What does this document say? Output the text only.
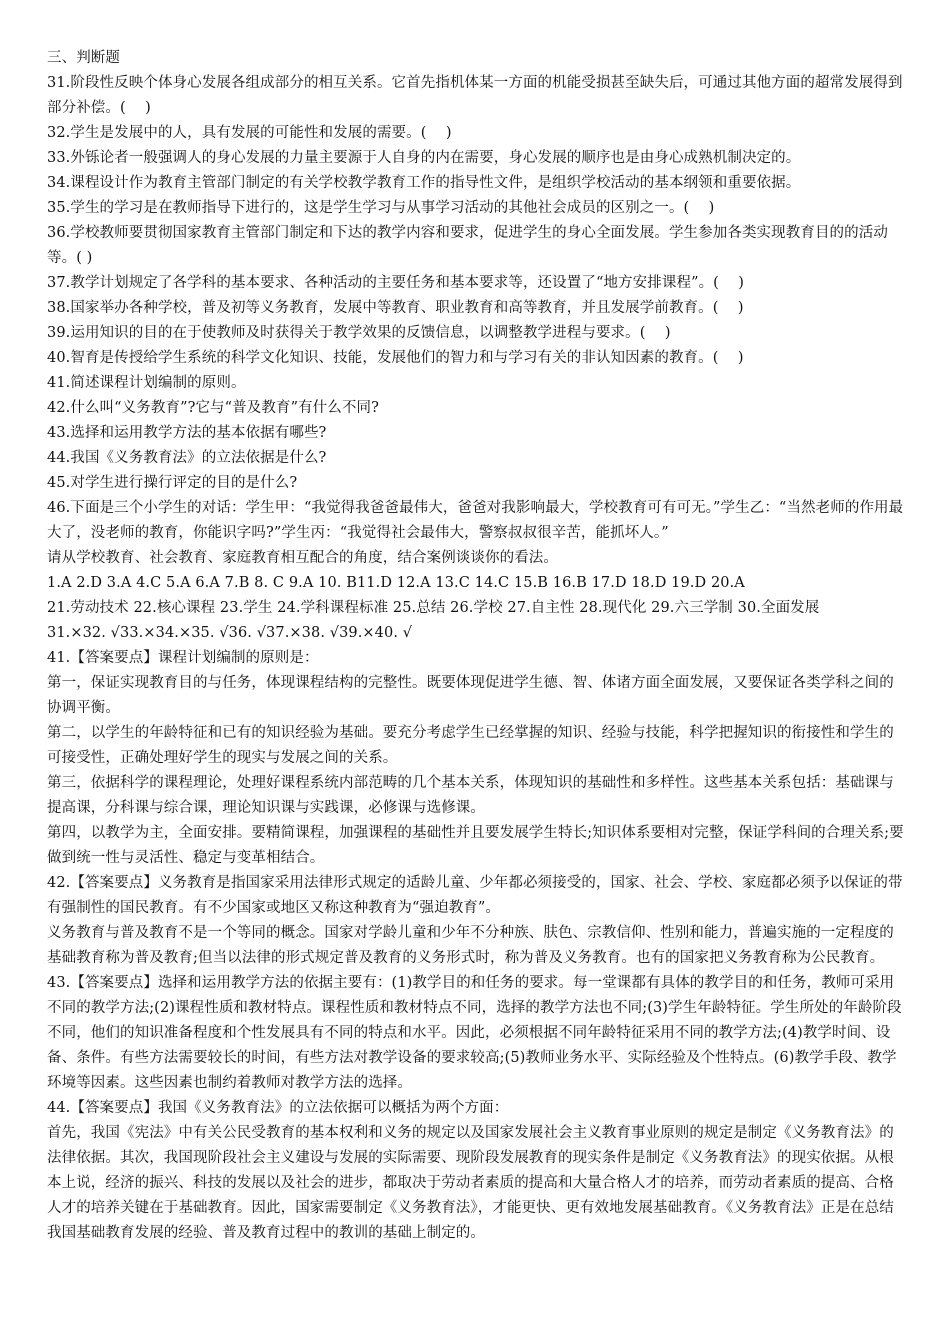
三、判断题

31.阶段性反映个体身心发展各组成部分的相互关系。它首先指机体某一方面的机能受损甚至缺失后，可通过其他方面的超常发展得到部分补偿。(　 )

32.学生是发展中的人，具有发展的可能性和发展的需要。(　 )

33.外铄论者一般强调人的身心发展的力量主要源于人自身的内在需要，身心发展的顺序也是由身心成熟机制决定的。

34.课程设计作为教育主管部门制定的有关学校教学教育工作的指导性文件，是组织学校活动的基本纲领和重要依据。

35.学生的学习是在教师指导下进行的，这是学生学习与从事学习活动的其他社会成员的区别之一。(　 )

36.学校教师要贯彻国家教育主管部门制定和下达的教学内容和要求，促进学生的身心全面发展。学生参加各类实现教育目的的活动等。( )

37.教学计划规定了各学科的基本要求、各种活动的主要任务和基本要求等，还设置了“地方安排课程”。(　 )

38.国家举办各种学校，普及初等义务教育，发展中等教育、职业教育和高等教育，并且发展学前教育。(　 )

39.运用知识的目的在于使教师及时获得关于教学效果的反馈信息，以调整教学进程与要求。(　 )

40.智育是传授给学生系统的科学文化知识、技能，发展他们的智力和与学习有关的非认知因素的教育。(　 )

41.简述课程计划编制的原则。

42.什么叫“义务教育”?它与“普及教育”有什么不同?

43.选择和运用教学方法的基本依据有哪些?

44.我国《义务教育法》的立法依据是什么?

45.对学生进行操行评定的目的是什么?

46.下面是三个小学生的对话：学生甲：“我觉得我爸爸最伟大，爸爸对我影响最大，学校教育可有可无。”学生乙：“当然老师的作用最大了，没老师的教育，你能识字吗?”学生丙：“我觉得社会最伟大，警察叔叔很辛苦，能抓坏人。”

请从学校教育、社会教育、家庭教育相互配合的角度，结合案例谈谈你的看法。

1.A 2.D 3.A 4.C 5.A 6.A 7.B 8. C 9.A 10. B11.D 12.A 13.C 14.C 15.B 16.B 17.D 18.D 19.D 20.A

21.劳动技术 22.核心课程 23.学生 24.学科课程标准 25.总结 26.学校 27.自主性 28.现代化 29.六三学制 30.全面发展

31.×32. √33.×34.×35. √36. √37.×38. √39.×40. √

41.【答案要点】课程计划编制的原则是：

第一，保证实现教育目的与任务，体现课程结构的完整性。既要体现促进学生德、智、体诸方面全面发展，又要保证各类学科之间的协调平衡。

第二，以学生的年龄特征和已有的知识经验为基础。要充分考虑学生已经掌握的知识、经验与技能，科学把握知识的衔接性和学生的可接受性，正确处理好学生的现实与发展之间的关系。

第三，依据科学的课程理论，处理好课程系统内部范畴的几个基本关系，体现知识的基础性和多样性。这些基本关系包括：基础课与提高课，分科课与综合课，理论知识课与实践课，必修课与选修课。

第四，以教学为主，全面安排。要精简课程，加强课程的基础性并且要发展学生特长;知识体系要相对完整，保证学科间的合理关系;要做到统一性与灵活性、稳定与变革相结合。

42.【答案要点】义务教育是指国家采用法律形式规定的适龄儿童、少年都必须接受的，国家、社会、学校、家庭都必须予以保证的带有强制性的国民教育。有不少国家或地区又称这种教育为“强迫教育”。

义务教育与普及教育不是一个等同的概念。国家对学龄儿童和少年不分种族、肤色、宗教信仰、性别和能力，普遍实施的一定程度的基础教育称为普及教育;但当以法律的形式规定普及教育的义务形式时，称为普及义务教育。也有的国家把义务教育称为公民教育。

43.【答案要点】选择和运用教学方法的依据主要有：(1)教学目的和任务的要求。每一堂课都有具体的教学目的和任务，教师可采用不同的教学方法;(2)课程性质和教材特点。课程性质和教材特点不同，选择的教学方法也不同;(3)学生年龄特征。学生所处的年龄阶段不同，他们的知识准备程度和个性发展具有不同的特点和水平。因此，必须根据不同年龄特征采用不同的教学方法;(4)教学时间、设备、条件。有些方法需要较长的时间，有些方法对教学设备的要求较高;(5)教师业务水平、实际经验及个性特点。(6)教学手段、教学环境等因素。这些因素也制约着教师对教学方法的选择。

44.【答案要点】我国《义务教育法》的立法依据可以概括为两个方面：

首先，我国《宪法》中有关公民受教育的基本权利和义务的规定以及国家发展社会主义教育事业原则的规定是制定《义务教育法》的法律依据。其次，我国现阶段社会主义建设与发展的实际需要、现阶段发展教育的现实条件是制定《义务教育法》的现实依据。从根本上说，经济的振兴、科技的发展以及社会的进步，都取决于劳动者素质的提高和大量合格人才的培养，而劳动者素质的提高、合格人才的培养关键在于基础教育。因此，国家需要制定《义务教育法》，才能更快、更有效地发展基础教育。《义务教育法》正是在总结我国基础教育发展的经验、普及教育过程中的教训的基础上制定的。
